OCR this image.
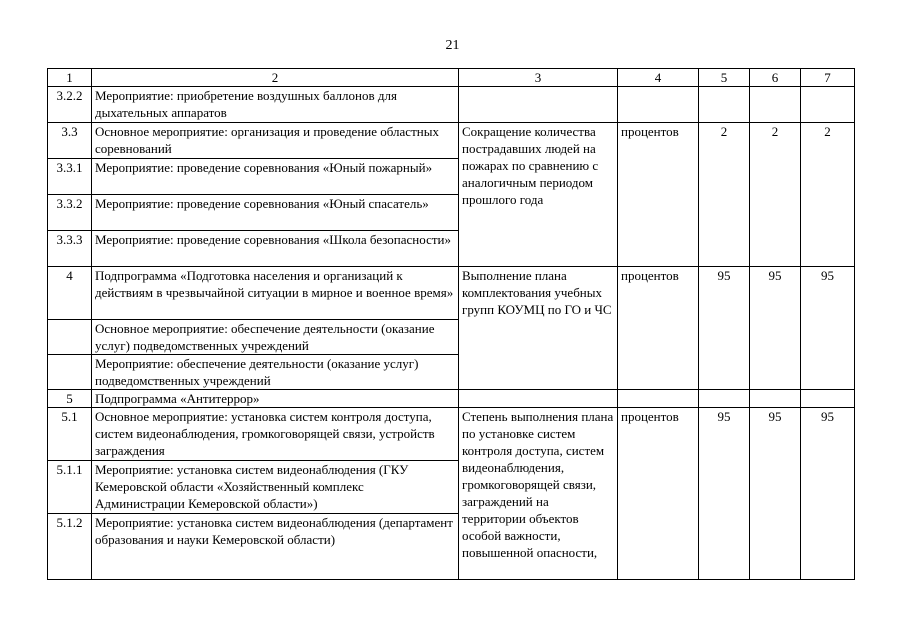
21
1	2	3	4	5	6	7
3.2.2	Мероприятие: приобретение воздушных баллонов для дыхательных аппаратов					
3.3	Основное мероприятие: организация и проведение областных соревнований	Сокращение количества пострадавших людей на пожарах по сравнению с аналогичным периодом прошлого года	процентов	2	2	2
3.3.1	Мероприятие: проведение соревнования «Юный пожарный»					
3.3.2	Мероприятие: проведение соревнования «Юный спасатель»					
3.3.3	Мероприятие: проведение соревнования «Школа безопасности»					
4	Подпрограмма «Подготовка населения и организаций к действиям в чрезвычайной ситуации в мирное и военное время»	Выполнение плана комплектования учебных групп КОУМЦ по ГО и ЧС	процентов	95	95	95
	Основное мероприятие: обеспечение деятельности (оказание услуг) подведомственных учреждений					
	Мероприятие: обеспечение деятельности (оказание услуг) подведомственных учреждений					
5	Подпрограмма «Антитеррор»					
5.1	Основное мероприятие: установка систем контроля доступа, систем видеонаблюдения, громкоговорящей связи, устройств заграждения	Степень выполнения плана по установке систем контроля доступа, систем видеонаблюдения, громкоговорящей связи, заграждений на территории объектов особой важности, повышенной опасности,	процентов	95	95	95
5.1.1	Мероприятие: установка систем видеонаблюдения (ГКУ Кемеровской области «Хозяйственный комплекс Администрации Кемеровской области»)					
5.1.2	Мероприятие: установка систем видеонаблюдения (департамент образования и науки Кемеровской области)					
